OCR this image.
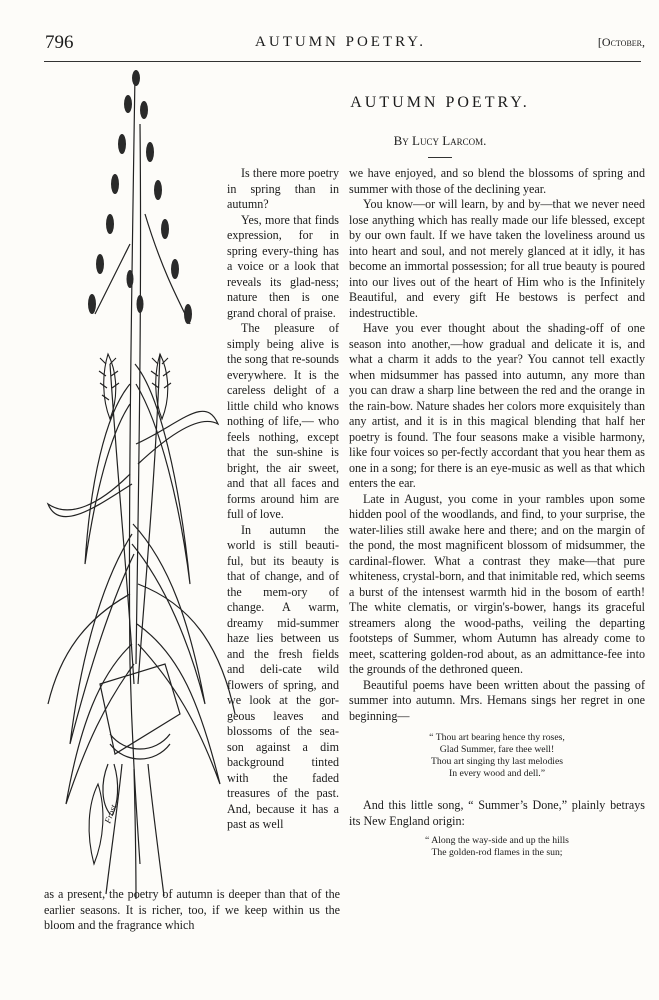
796	AUTUMN POETRY.	[October,
Frost
AUTUMN POETRY.
By Lucy Larcom.

Is there more poetry in spring than in autumn?

Yes, more that finds expression, for in spring every-thing has a voice or a look that reveals its glad-ness; nature then is one grand choral of praise.

The pleasure of simply being alive is the song that re-sounds everywhere. It is the careless delight of a little child who knows nothing of life,— who feels nothing, except that the sun-shine is bright, the air sweet, and that all faces and forms around him are full of love.

In autumn the world is still beauti-ful, but its beauty is that of change, and of the mem-ory of change. A warm, dreamy mid-summer haze lies between us and the fresh fields and deli-cate wild flowers of spring, and we look at the gor-geous leaves and blossoms of the sea-son against a dim background tinted with the faded treasures of the past. And, because it has a past as well

as a present, the poetry of autumn is deeper than that of the earlier seasons. It is richer, too, if we keep within us the bloom and the fragrance which

we have enjoyed, and so blend the blossoms of spring and summer with those of the declining year.

You know—or will learn, by and by—that we never need lose anything which has really made our life blessed, except by our own fault. If we have taken the loveliness around us into heart and soul, and not merely glanced at it idly, it has become an immortal possession; for all true beauty is poured into our lives out of the heart of Him who is the Infinitely Beautiful, and every gift He bestows is perfect and indestructible.

Have you ever thought about the shading-off of one season into another,—how gradual and delicate it is, and what a charm it adds to the year? You cannot tell exactly when midsummer has passed into autumn, any more than you can draw a sharp line between the red and the orange in the rain-bow. Nature shades her colors more exquisitely than any artist, and it is in this magical blending that half her poetry is found. The four seasons make a visible harmony, like four voices so per-fectly accordant that you hear them as one in a song; for there is an eye-music as well as that which enters the ear.

Late in August, you come in your rambles upon some hidden pool of the woodlands, and find, to your surprise, the water-lilies still awake here and there; and on the margin of the pond, the most magnificent blossom of midsummer, the cardinal-flower. What a contrast they make—that pure whiteness, crystal-born, and that inimitable red, which seems a burst of the intensest warmth hid in the bosom of earth! The white clematis, or virgin's-bower, hangs its graceful streamers along the wood-paths, veiling the departing footsteps of Summer, whom Autumn has already come to meet, scattering golden-rod about, as an admittance-fee into the grounds of the dethroned queen.

Beautiful poems have been written about the passing of summer into autumn. Mrs. Hemans sings her regret in one beginning—

“ Thou art bearing hence thy roses,
Glad Summer, fare thee well!
Thou art singing thy last melodies
In every wood and dell.”

And this little song, “ Summer’s Done,” plainly betrays its New England origin:

“ Along the way-side and up the hills
The golden-rod flames in the sun;
